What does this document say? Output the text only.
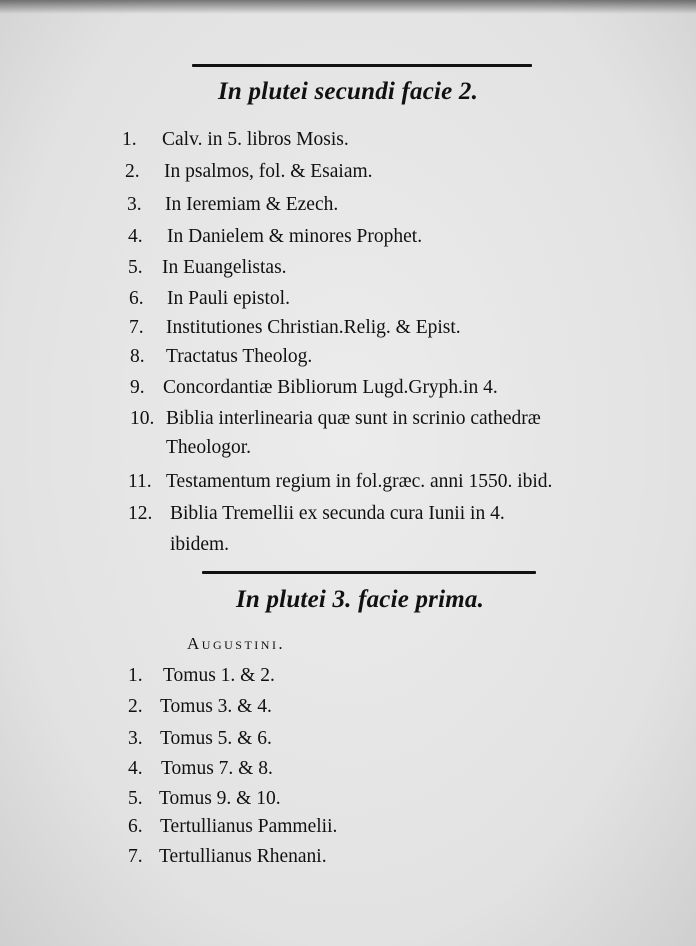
In plutei secundi facie 2.
1. Calv. in 5. libros Mosis.
2. In psalmos, fol. & Esaiam.
3. In Ieremiam & Ezech.
4. In Danielem & minores Prophet.
5. In Euangelistas.
6. In Pauli epistol.
7. Institutiones Christian.Relig. & Epist.
8. Tractatus Theolog.
9. Concordantiæ Bibliorum Lugd.Gryph.in 4.
10. Biblia interlinearia quæ sunt in scrinio cathedræ
Theologor.
11. Testamentum regium in fol.græc. anni 1550. ibid.
12. Biblia Tremellii ex secunda cura Iunii in 4.
ibidem.
In plutei 3. facie prima.
Augustini.
1. Tomus 1. & 2.
2. Tomus 3. & 4.
3. Tomus 5. & 6.
4. Tomus 7. & 8.
5. Tomus 9. & 10.
6. Tertullianus Pammelii.
7. Tertullianus Rhenani.
